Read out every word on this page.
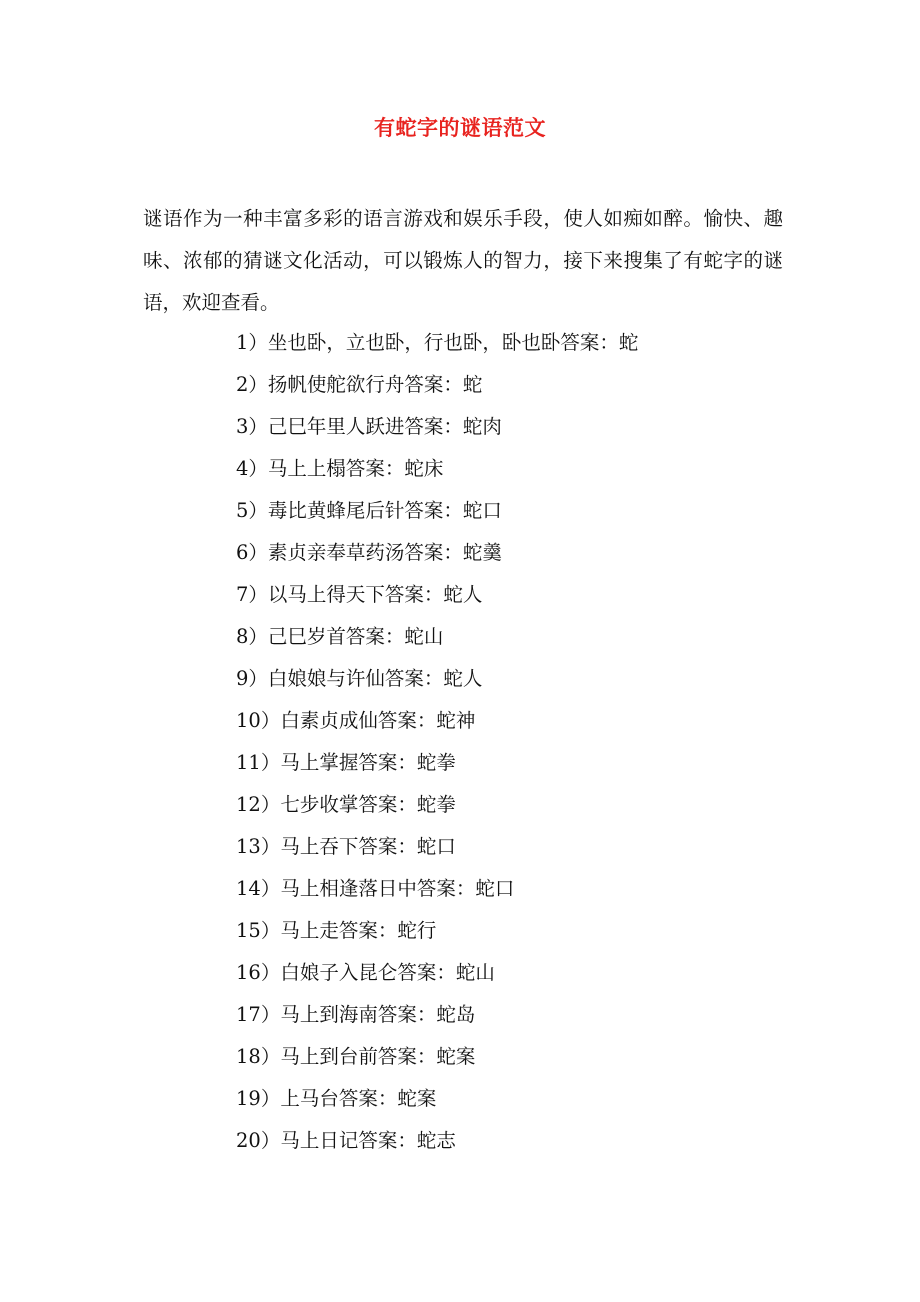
有蛇字的谜语范文

谜语作为一种丰富多彩的语言游戏和娱乐手段，使人如痴如醉。愉快、趣味、浓郁的猜谜文化活动，可以锻炼人的智力，接下来搜集了有蛇字的谜语，欢迎查看。

1）坐也卧，立也卧，行也卧，卧也卧答案：蛇
2）扬帆使舵欲行舟答案：蛇
3）己巳年里人跃进答案：蛇肉
4）马上上榻答案：蛇床
5）毒比黄蜂尾后针答案：蛇口
6）素贞亲奉草药汤答案：蛇羹
7）以马上得天下答案：蛇人
8）己巳岁首答案：蛇山
9）白娘娘与许仙答案：蛇人
10）白素贞成仙答案：蛇神
11）马上掌握答案：蛇拳
12）七步收掌答案：蛇拳
13）马上吞下答案：蛇口
14）马上相逢落日中答案：蛇口
15）马上走答案：蛇行
16）白娘子入昆仑答案：蛇山
17）马上到海南答案：蛇岛
18）马上到台前答案：蛇案
19）上马台答案：蛇案
20）马上日记答案：蛇志
